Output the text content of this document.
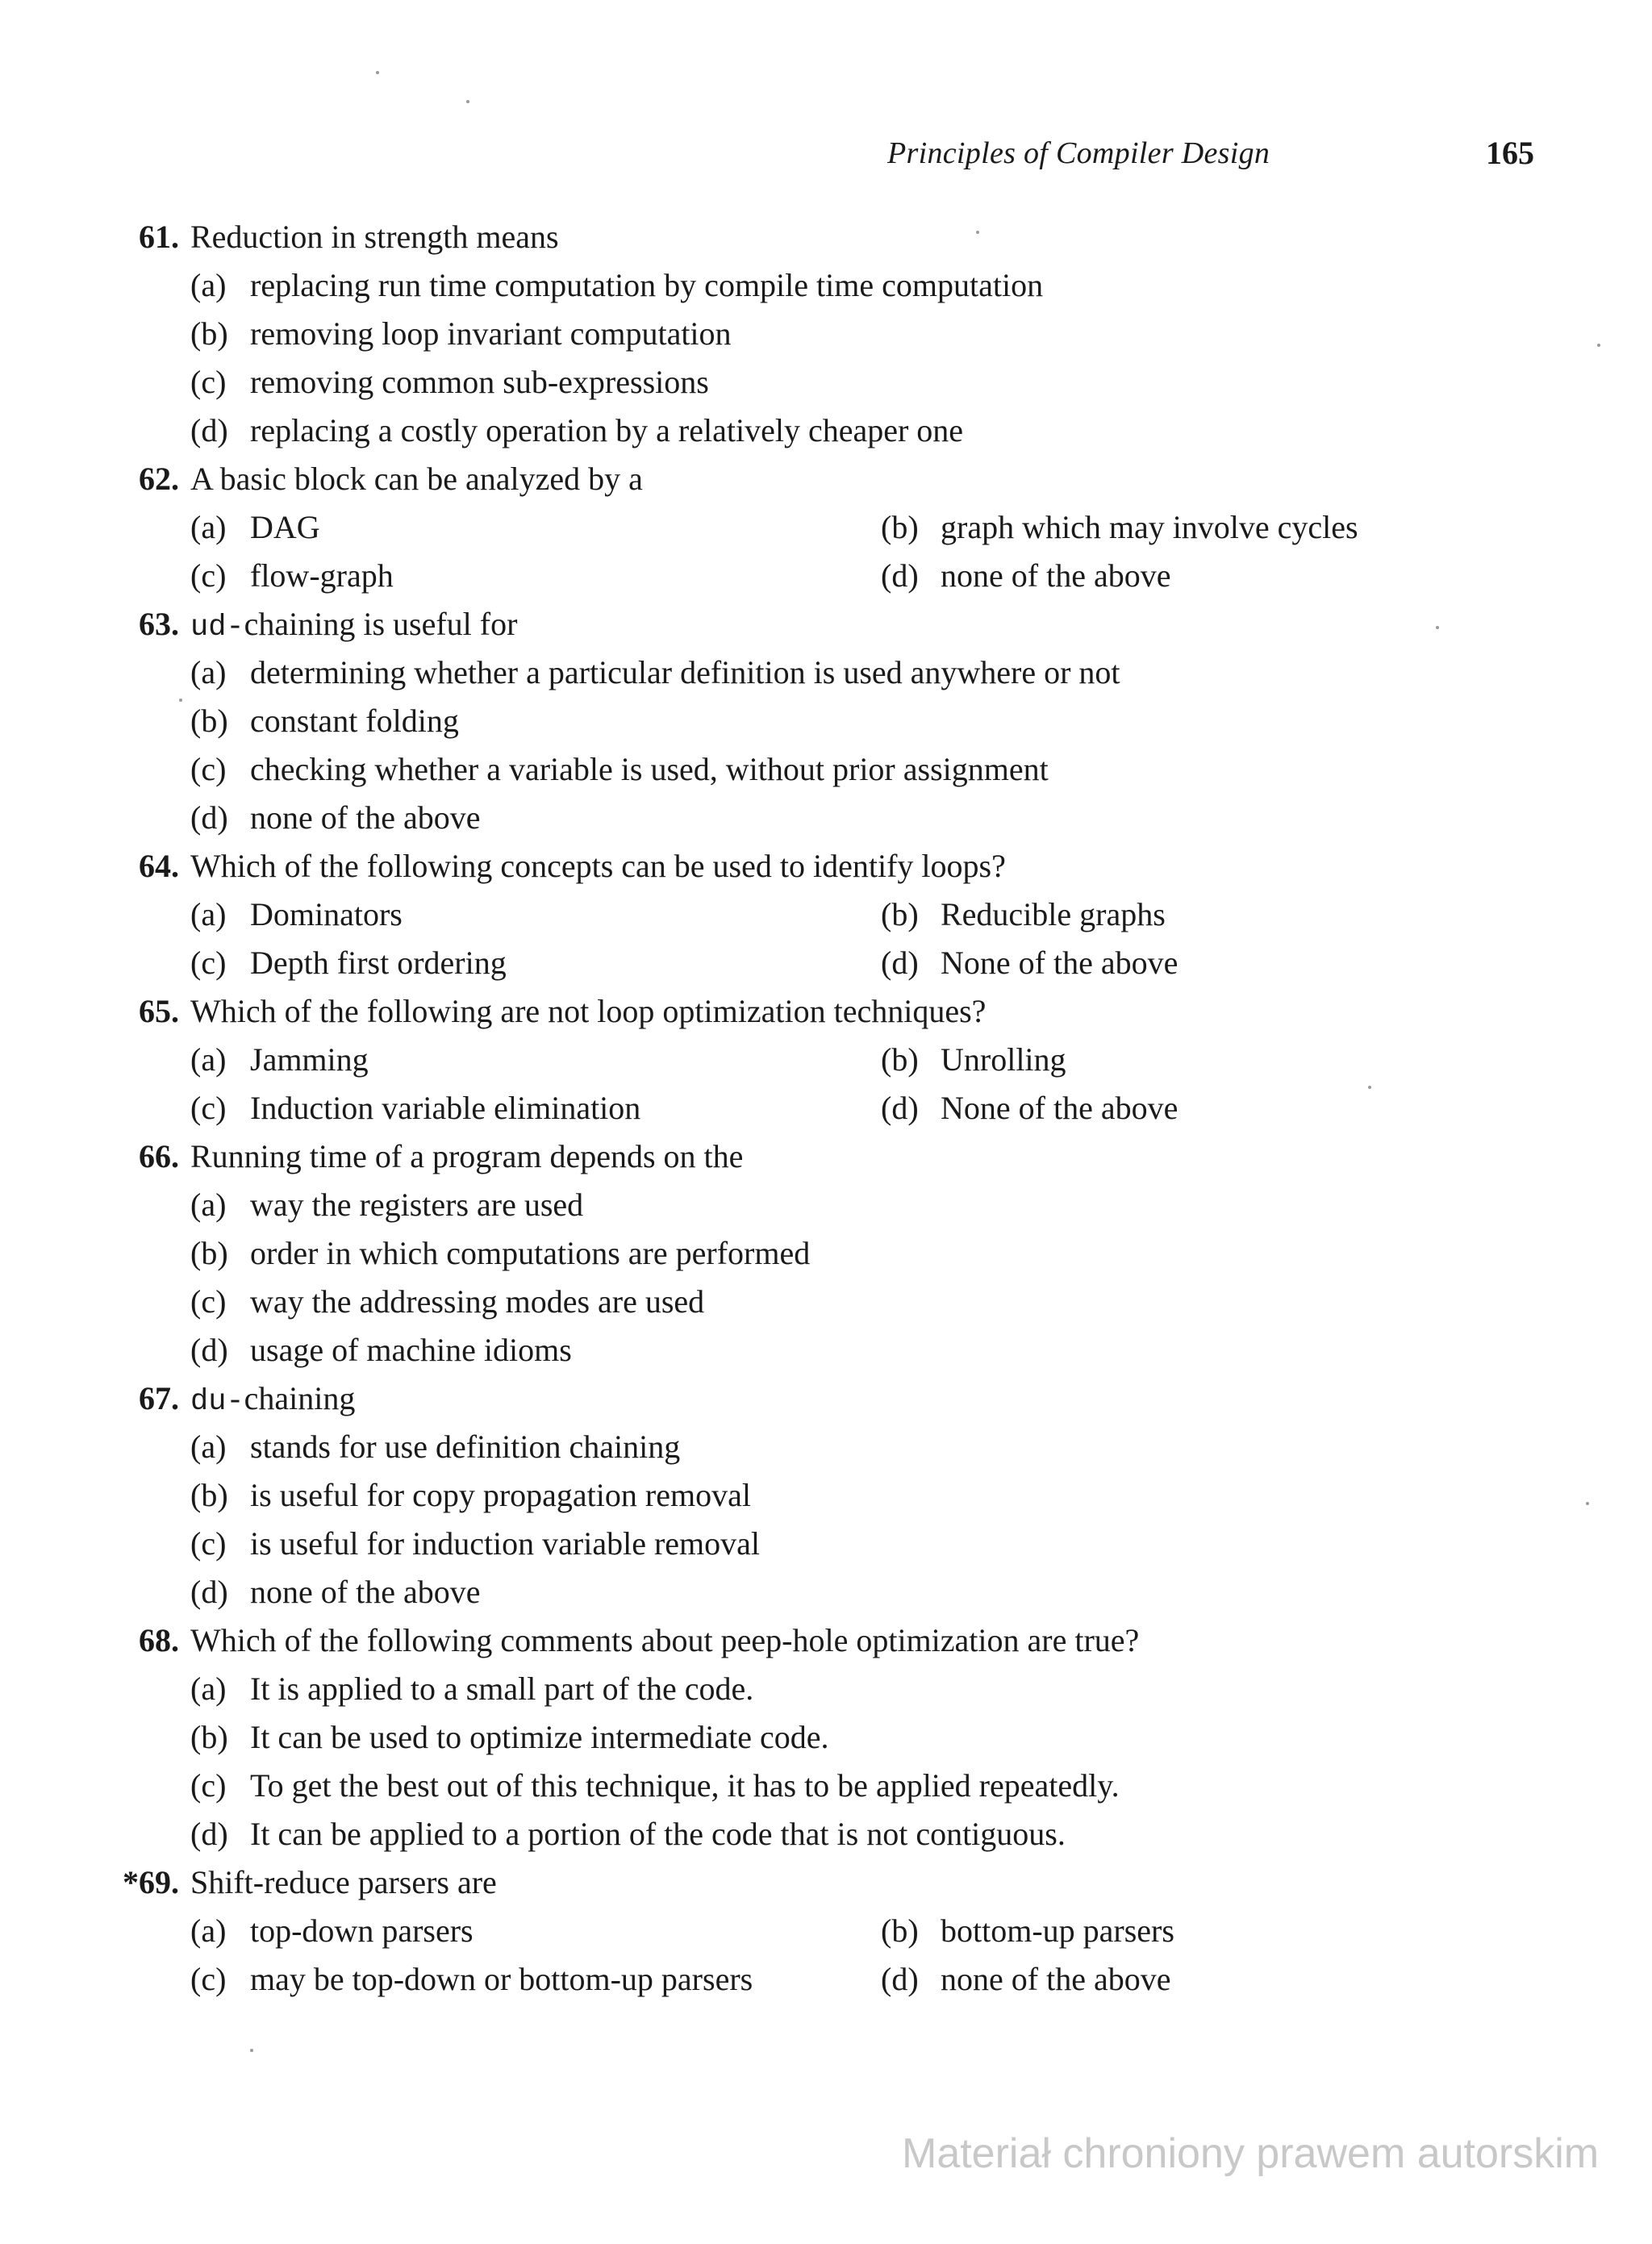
Principles of Compiler Design	165
61. Reduction in strength means
(a) replacing run time computation by compile time computation
(b) removing loop invariant computation
(c) removing common sub-expressions
(d) replacing a costly operation by a relatively cheaper one
62. A basic block can be analyzed by a
(a) DAG	(b) graph which may involve cycles
(c) flow-graph	(d) none of the above
63. ud-chaining is useful for
(a) determining whether a particular definition is used anywhere or not
(b) constant folding
(c) checking whether a variable is used, without prior assignment
(d) none of the above
64. Which of the following concepts can be used to identify loops?
(a) Dominators	(b) Reducible graphs
(c) Depth first ordering	(d) None of the above
65. Which of the following are not loop optimization techniques?
(a) Jamming	(b) Unrolling
(c) Induction variable elimination	(d) None of the above
66. Running time of a program depends on the
(a) way the registers are used
(b) order in which computations are performed
(c) way the addressing modes are used
(d) usage of machine idioms
67. du-chaining
(a) stands for use definition chaining
(b) is useful for copy propagation removal
(c) is useful for induction variable removal
(d) none of the above
68. Which of the following comments about peep-hole optimization are true?
(a) It is applied to a small part of the code.
(b) It can be used to optimize intermediate code.
(c) To get the best out of this technique, it has to be applied repeatedly.
(d) It can be applied to a portion of the code that is not contiguous.
*69. Shift-reduce parsers are
(a) top-down parsers	(b) bottom-up parsers
(c) may be top-down or bottom-up parsers	(d) none of the above
Materiał chroniony prawem autorskim
